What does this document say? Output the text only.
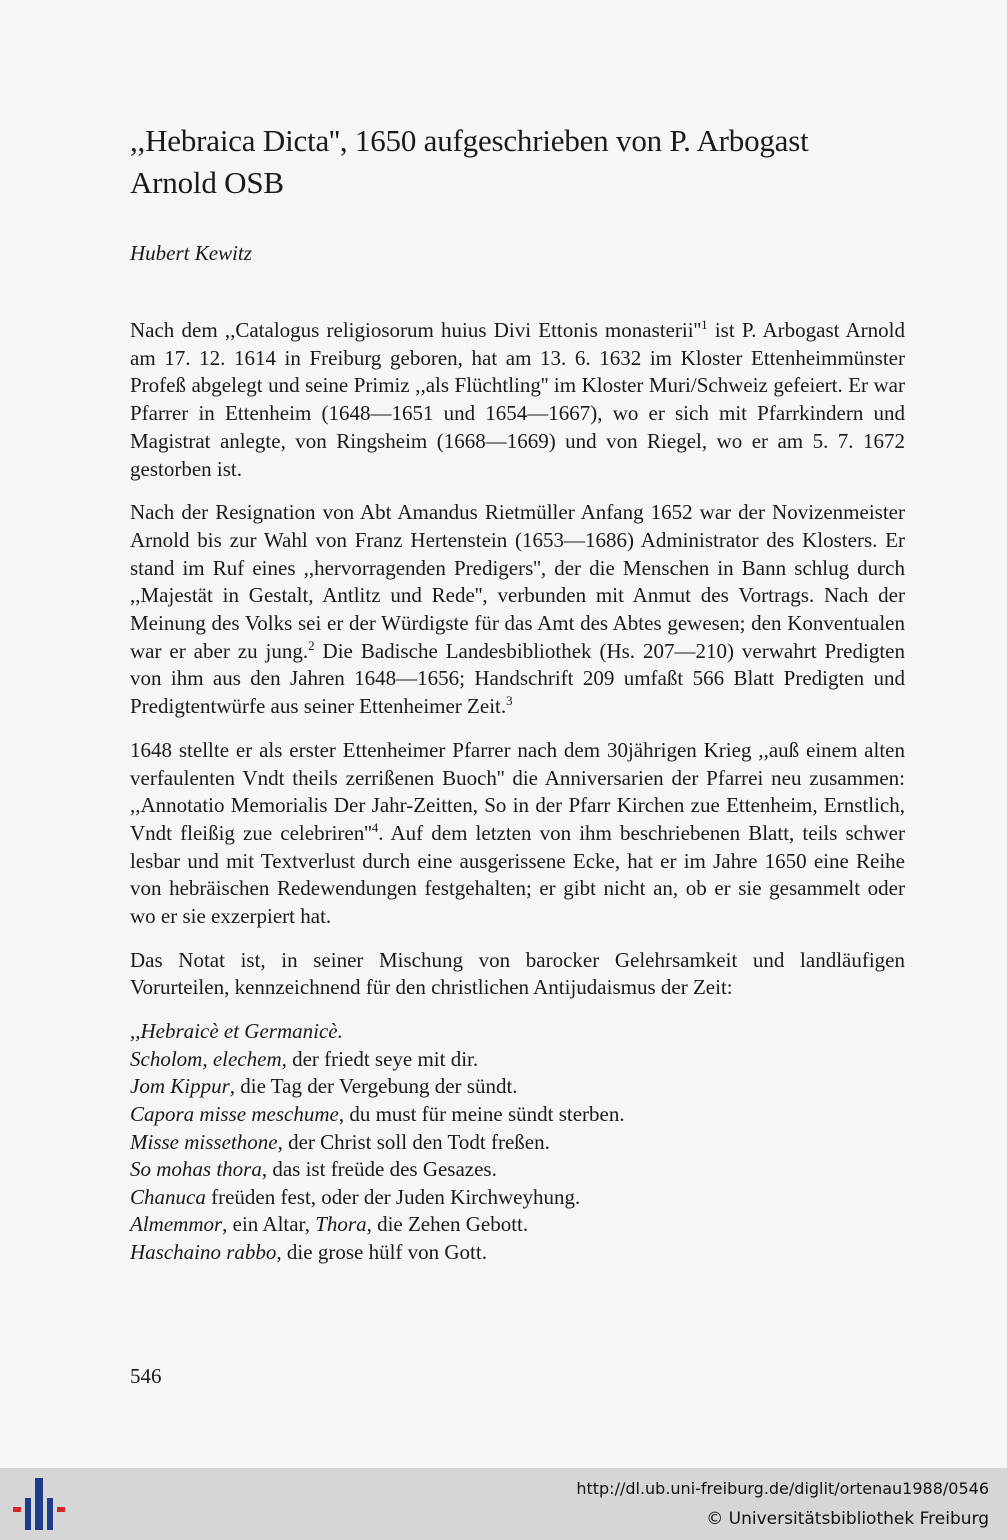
,,Hebraica Dicta'', 1650 aufgeschrieben von P. Arbogast
Arnold OSB
Hubert Kewitz

Nach dem ,,Catalogus religiosorum huius Divi Ettonis $monasterii''^1$ ist P. Arbogast Arnold am 17. 12. 1614 in Freiburg geboren, hat am 13. 6. 1632 im Kloster Ettenheimmünster Profeß abgelegt und seine Primiz ,,als Flüchtling'' im Kloster Muri/Schweiz gefeiert. Er war Pfarrer in Ettenheim (1648—1651 und 1654—1667), wo er sich mit Pfarrkindern und Magistrat anlegte, von Ringsheim (1668—1669) und von Riegel, wo er am 5. 7. 1672 gestorben ist.

Nach der Resignation von Abt Amandus Rietmüller Anfang 1652 war der Novizenmeister Arnold bis zur Wahl von Franz Hertenstein (1653—1686) Administrator des Klosters. Er stand im Ruf eines ,,hervorragenden Predigers'', der die Menschen in Bann schlug durch ,,Majestät in Gestalt, Antlitz und Rede'', verbunden mit Anmut des Vortrags. Nach der Meinung des Volks sei er der Würdigste für das Amt des Abtes gewesen; den Konventualen war er aber zu jung.$^2$ Die Badische Landesbibliothek (Hs. 207—210) verwahrt Predigten von ihm aus den Jahren 1648—1656; Handschrift 209 umfaßt 566 Blatt Predigten und Predigtentwürfe aus seiner Ettenheimer Zeit.$^3$

1648 stellte er als erster Ettenheimer Pfarrer nach dem 30jährigen Krieg ,,auß einem alten verfaulenten Vndt theils zerrißenen Buoch'' die Anniversarien der Pfarrei neu zusammen: ,,Annotatio Memorialis Der Jahr-Zeitten, So in der Pfarr Kirchen zue Ettenheim, Ernstlich, Vndt fleißig zue $celebriren''^4$. Auf dem letzten von ihm beschriebenen Blatt, teils schwer lesbar und mit Textverlust durch eine ausgerissene Ecke, hat er im Jahre 1650 eine Reihe von hebräischen Redewendungen festgehalten; er gibt nicht an, ob er sie gesammelt oder wo er sie exzerpiert hat.

Das Notat ist, in seiner Mischung von barocker Gelehrsamkeit und landläufigen Vorurteilen, kennzeichnend für den christlichen Antijudaismus der Zeit:

,,Hebraicè et Germanicè.
Scholom, elechem, der friedt seye mit dir.
Jom Kippur, die Tag der Vergebung der sündt.
Capora misse meschume, du must für meine sündt sterben.
Misse missethone, der Christ soll den Todt freßen.
So mohas thora, das ist freüde des Gesazes.
Chanuca freüden fest, oder der Juden Kirchweyhung.
Almemmor, ein Altar, Thora, die Zehen Gebott.
Haschaino rabbo, die grose hülf von Gott.
546
http://dl.ub.uni-freiburg.de/diglit/ortenau1988/0546
© Universitätsbibliothek Freiburg
